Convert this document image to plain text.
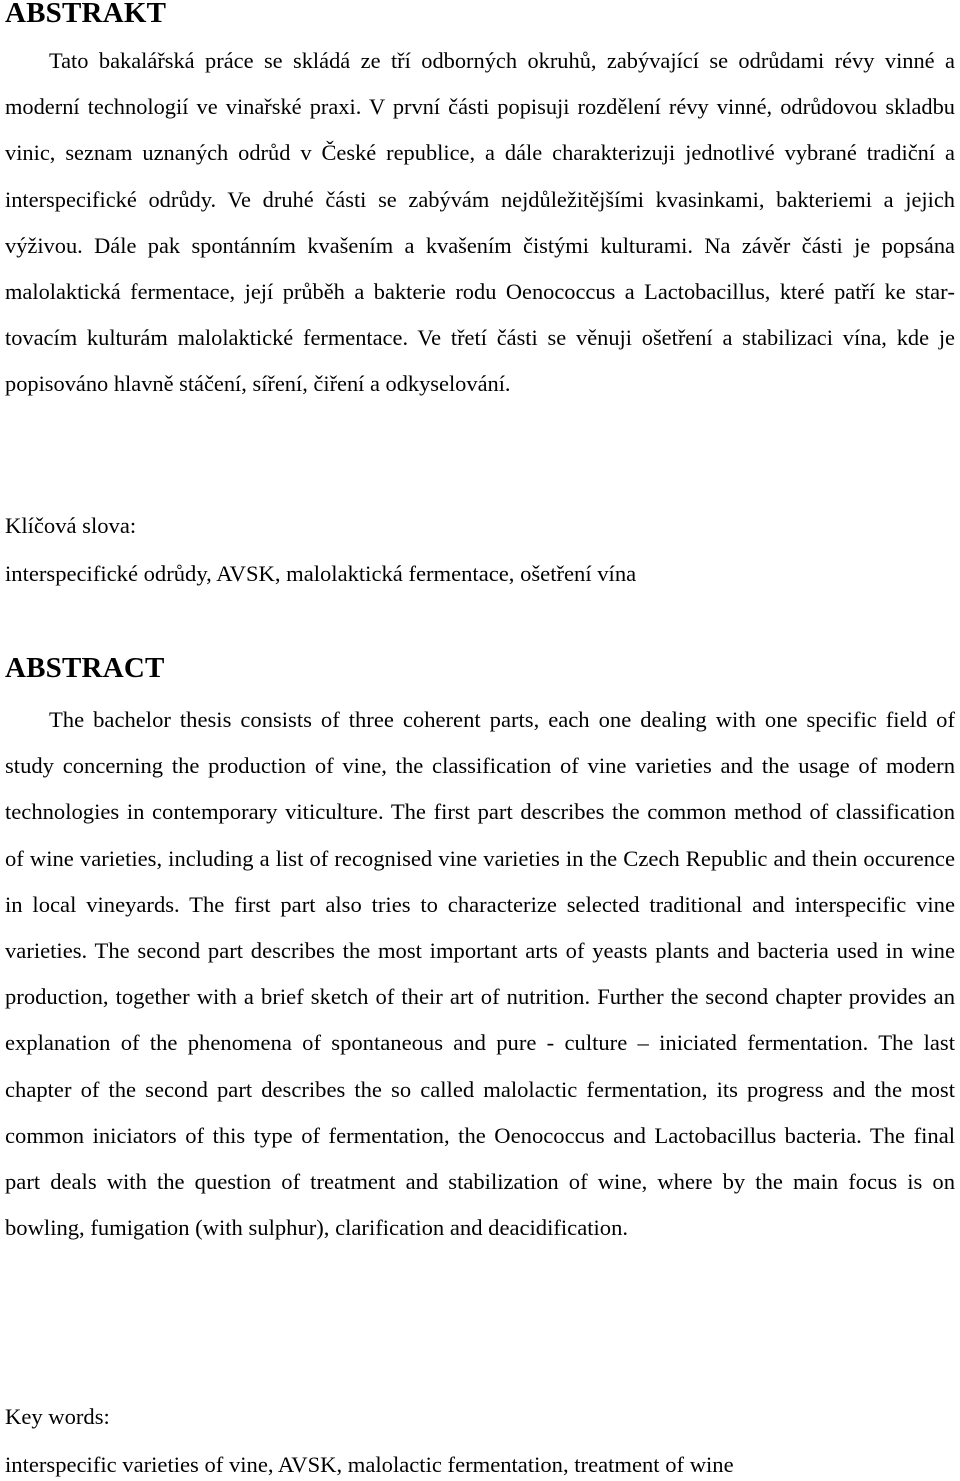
ABSTRAKT

Tato bakalářská práce se skládá ze tří odborných okruhů, zabývající se odrůdami révy vinné a moderní technologií ve vinařské praxi. V první části popisuji rozdělení révy vinné, odrůdovou skladbu vinic, seznam uznaných odrůd v České republice, a dále charakterizuji jednotlivé vybrané tradiční a interspecifické odrůdy. Ve druhé části se zabývám nejdůležitějšími kvasinkami, bakteriemi a jejich výživou. Dále pak spontánním kvašením a kvašením čistými kulturami. Na závěr části je popsána malolaktická fermentace, její průběh a bakterie rodu Oenococcus a Lactobacillus, které patří ke startovacím kulturám malolaktické fermentace. Ve třetí části se věnuji ošetření a stabilizaci vína, kde je popisováno hlavně stáčení, síření, čiření a odkyselování.

Klíčová slova:

interspecifické odrůdy, AVSK, malolaktická fermentace, ošetření vína

ABSTRACT

The bachelor thesis consists of three coherent parts, each one dealing with one specific field of study concerning the production of vine, the classification of vine varieties and the usage of modern technologies in contemporary viticulture. The first part describes the common method of classification of wine varieties, including a list of recognised vine varieties in the Czech Republic and thein occurence in local vineyards. The first part also tries to characterize selected traditional and interspecific vine varieties. The second part describes the most important arts of yeasts plants and bacteria used in wine production, together with a brief sketch of their art of nutrition. Further the second chapter provides an explanation of the phenomena of spontaneous and pure - culture – iniciated fermentation. The last chapter of the second part describes the so called malolactic fermentation, its progress and the most common iniciators of this type of fermentation, the Oenococcus and Lactobacillus bacteria. The final part deals with the question of treatment and stabilization of wine, where by the main focus is on bowling, fumigation (with sulphur), clarification and deacidification.

Key words:

interspecific varieties of vine, AVSK, malolactic fermentation, treatment of wine
